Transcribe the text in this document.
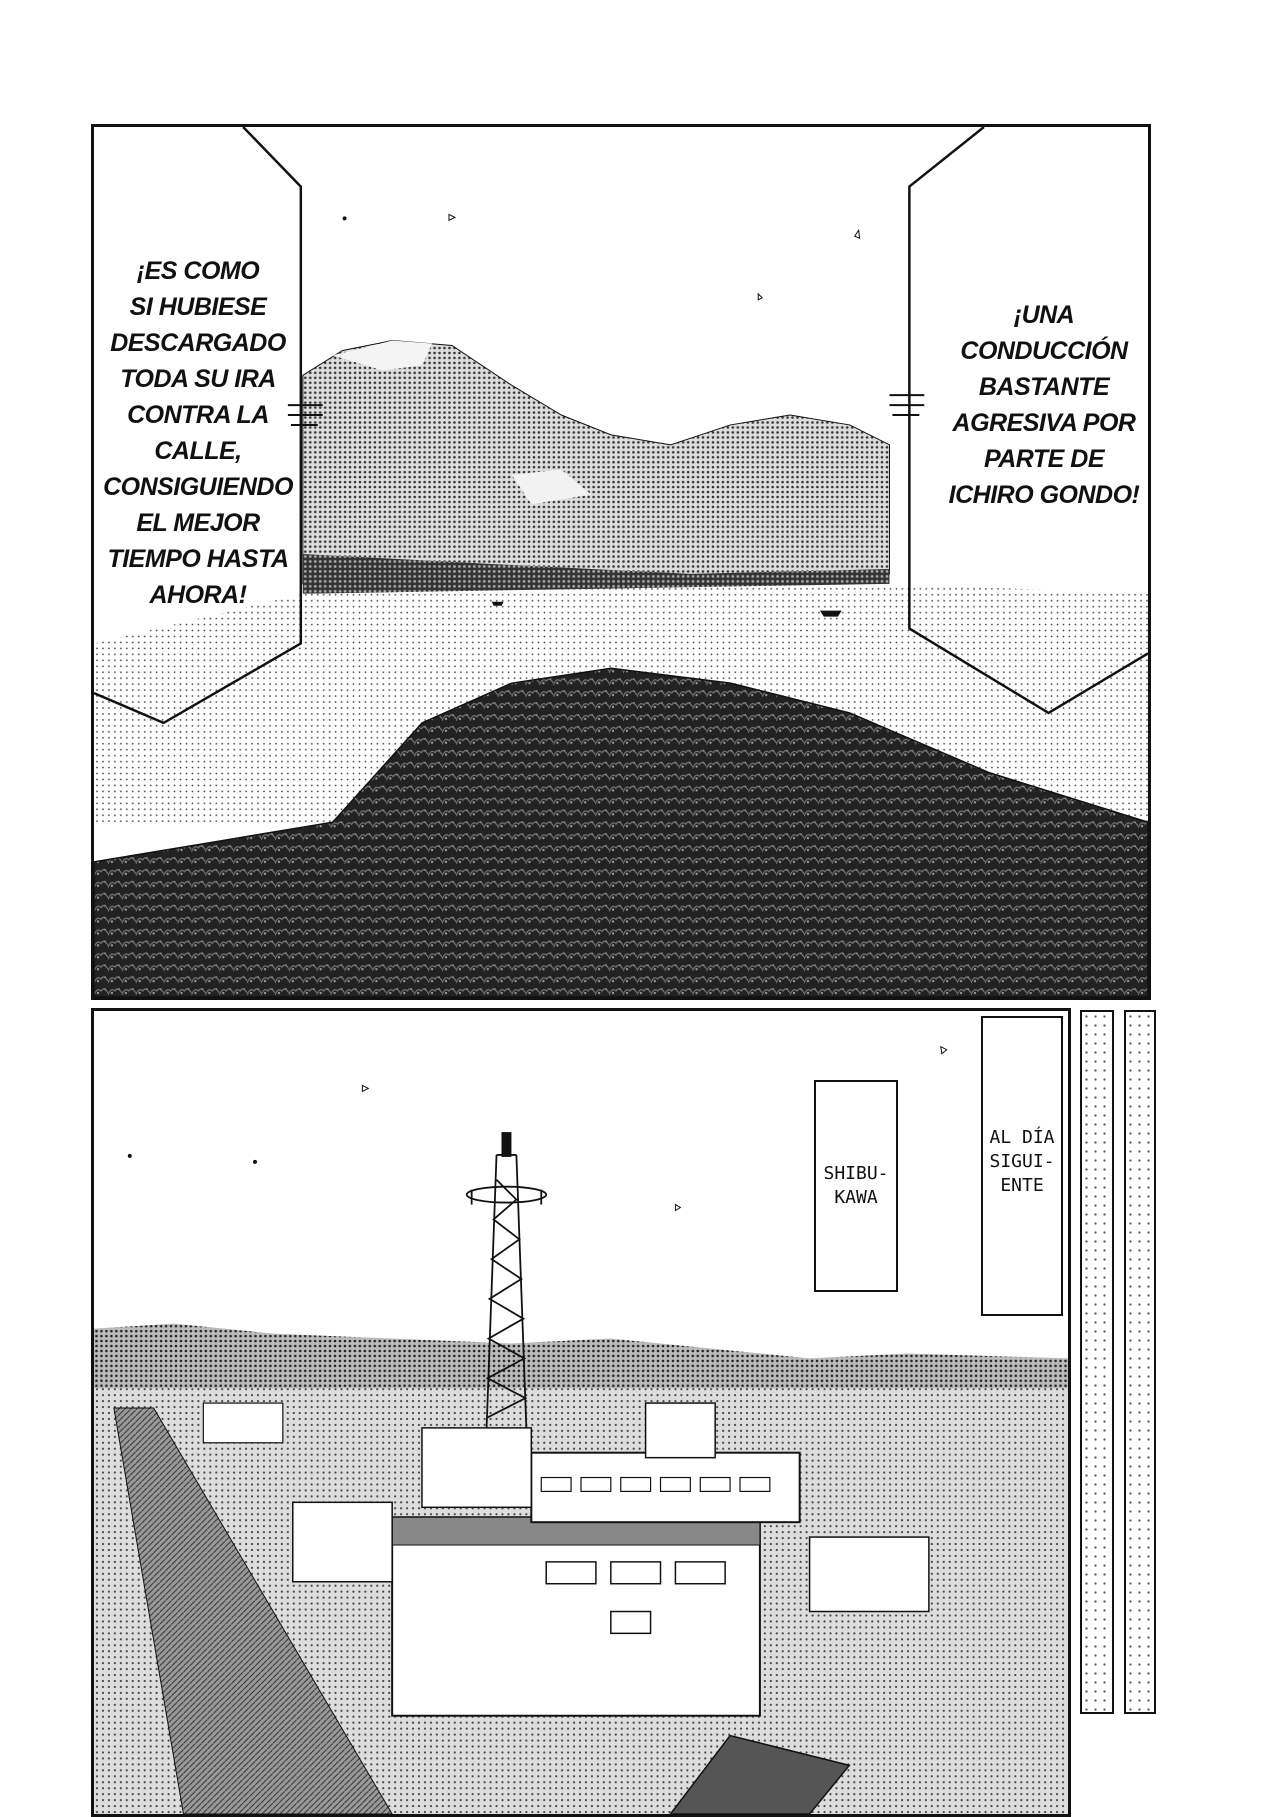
¡ES COMO
SI HUBIESE
DESCARGADO
TODA SU IRA
CONTRA LA
CALLE,
CONSIGUIENDO
EL MEJOR
TIEMPO HASTA
AHORA!
¡UNA
CONDUCCIÓN
BASTANTE
AGRESIVA POR
PARTE DE
ICHIRO GONDO!
SHIBU-
KAWA
AL DÍA
SIGUI-
ENTE
